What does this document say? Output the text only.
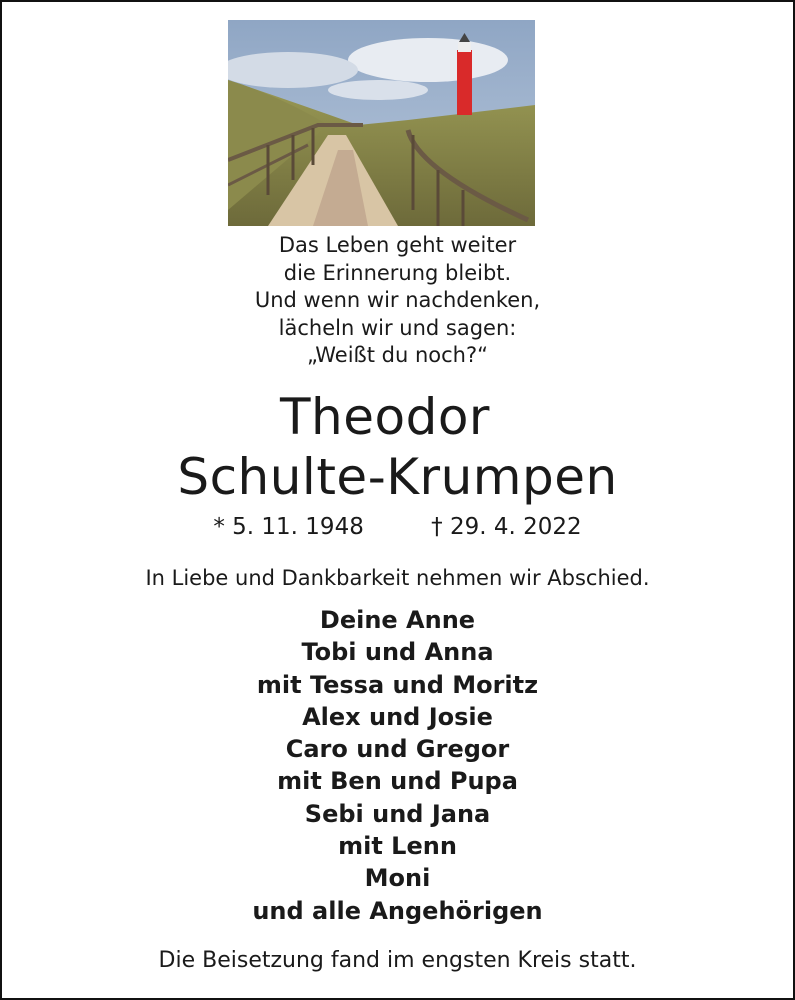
Das Leben geht weiter
die Erinnerung bleibt.
Und wenn wir nachdenken,
lächeln wir und sagen:
„Weißt du noch?“
Theodor
Schulte-Krumpen
* 5. 11. 1948	† 29. 4. 2022
In Liebe und Dankbarkeit nehmen wir Abschied.
Deine Anne
Tobi und Anna
mit Tessa und Moritz
Alex und Josie
Caro und Gregor
mit Ben und Pupa
Sebi und Jana
mit Lenn
Moni
und alle Angehörigen
Die Beisetzung fand im engsten Kreis statt.
